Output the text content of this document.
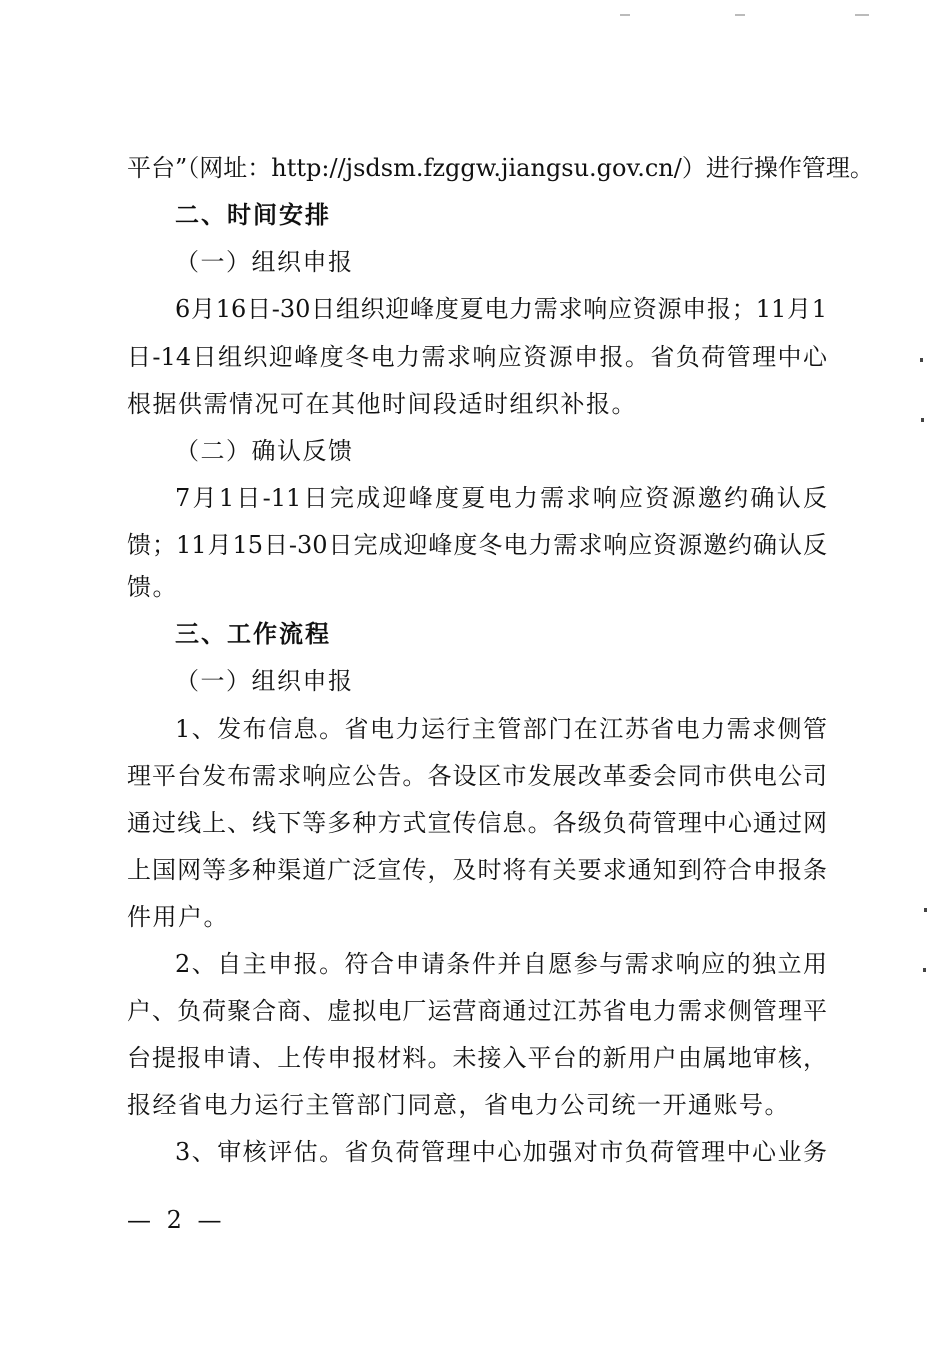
平台”（网址：http://jsdsm.fzggw.jiangsu.gov.cn/）进行操作管理。
二、时间安排
（一）组织申报
6月16日-30日组织迎峰度夏电力需求响应资源申报；11月1
日-14日组织迎峰度冬电力需求响应资源申报。省负荷管理中心
根据供需情况可在其他时间段适时组织补报。
（二）确认反馈
7月1日-11日完成迎峰度夏电力需求响应资源邀约确认反
馈；11月15日-30日完成迎峰度冬电力需求响应资源邀约确认反
馈。
三、工作流程
（一）组织申报
1、发布信息。省电力运行主管部门在江苏省电力需求侧管
理平台发布需求响应公告。各设区市发展改革委会同市供电公司
通过线上、线下等多种方式宣传信息。各级负荷管理中心通过网
上国网等多种渠道广泛宣传，及时将有关要求通知到符合申报条
件用户。
2、自主申报。符合申请条件并自愿参与需求响应的独立用
户、负荷聚合商、虚拟电厂运营商通过江苏省电力需求侧管理平
台提报申请、上传申报材料。未接入平台的新用户由属地审核，
报经省电力运行主管部门同意，省电力公司统一开通账号。
3、审核评估。省负荷管理中心加强对市负荷管理中心业务
— 2 —
